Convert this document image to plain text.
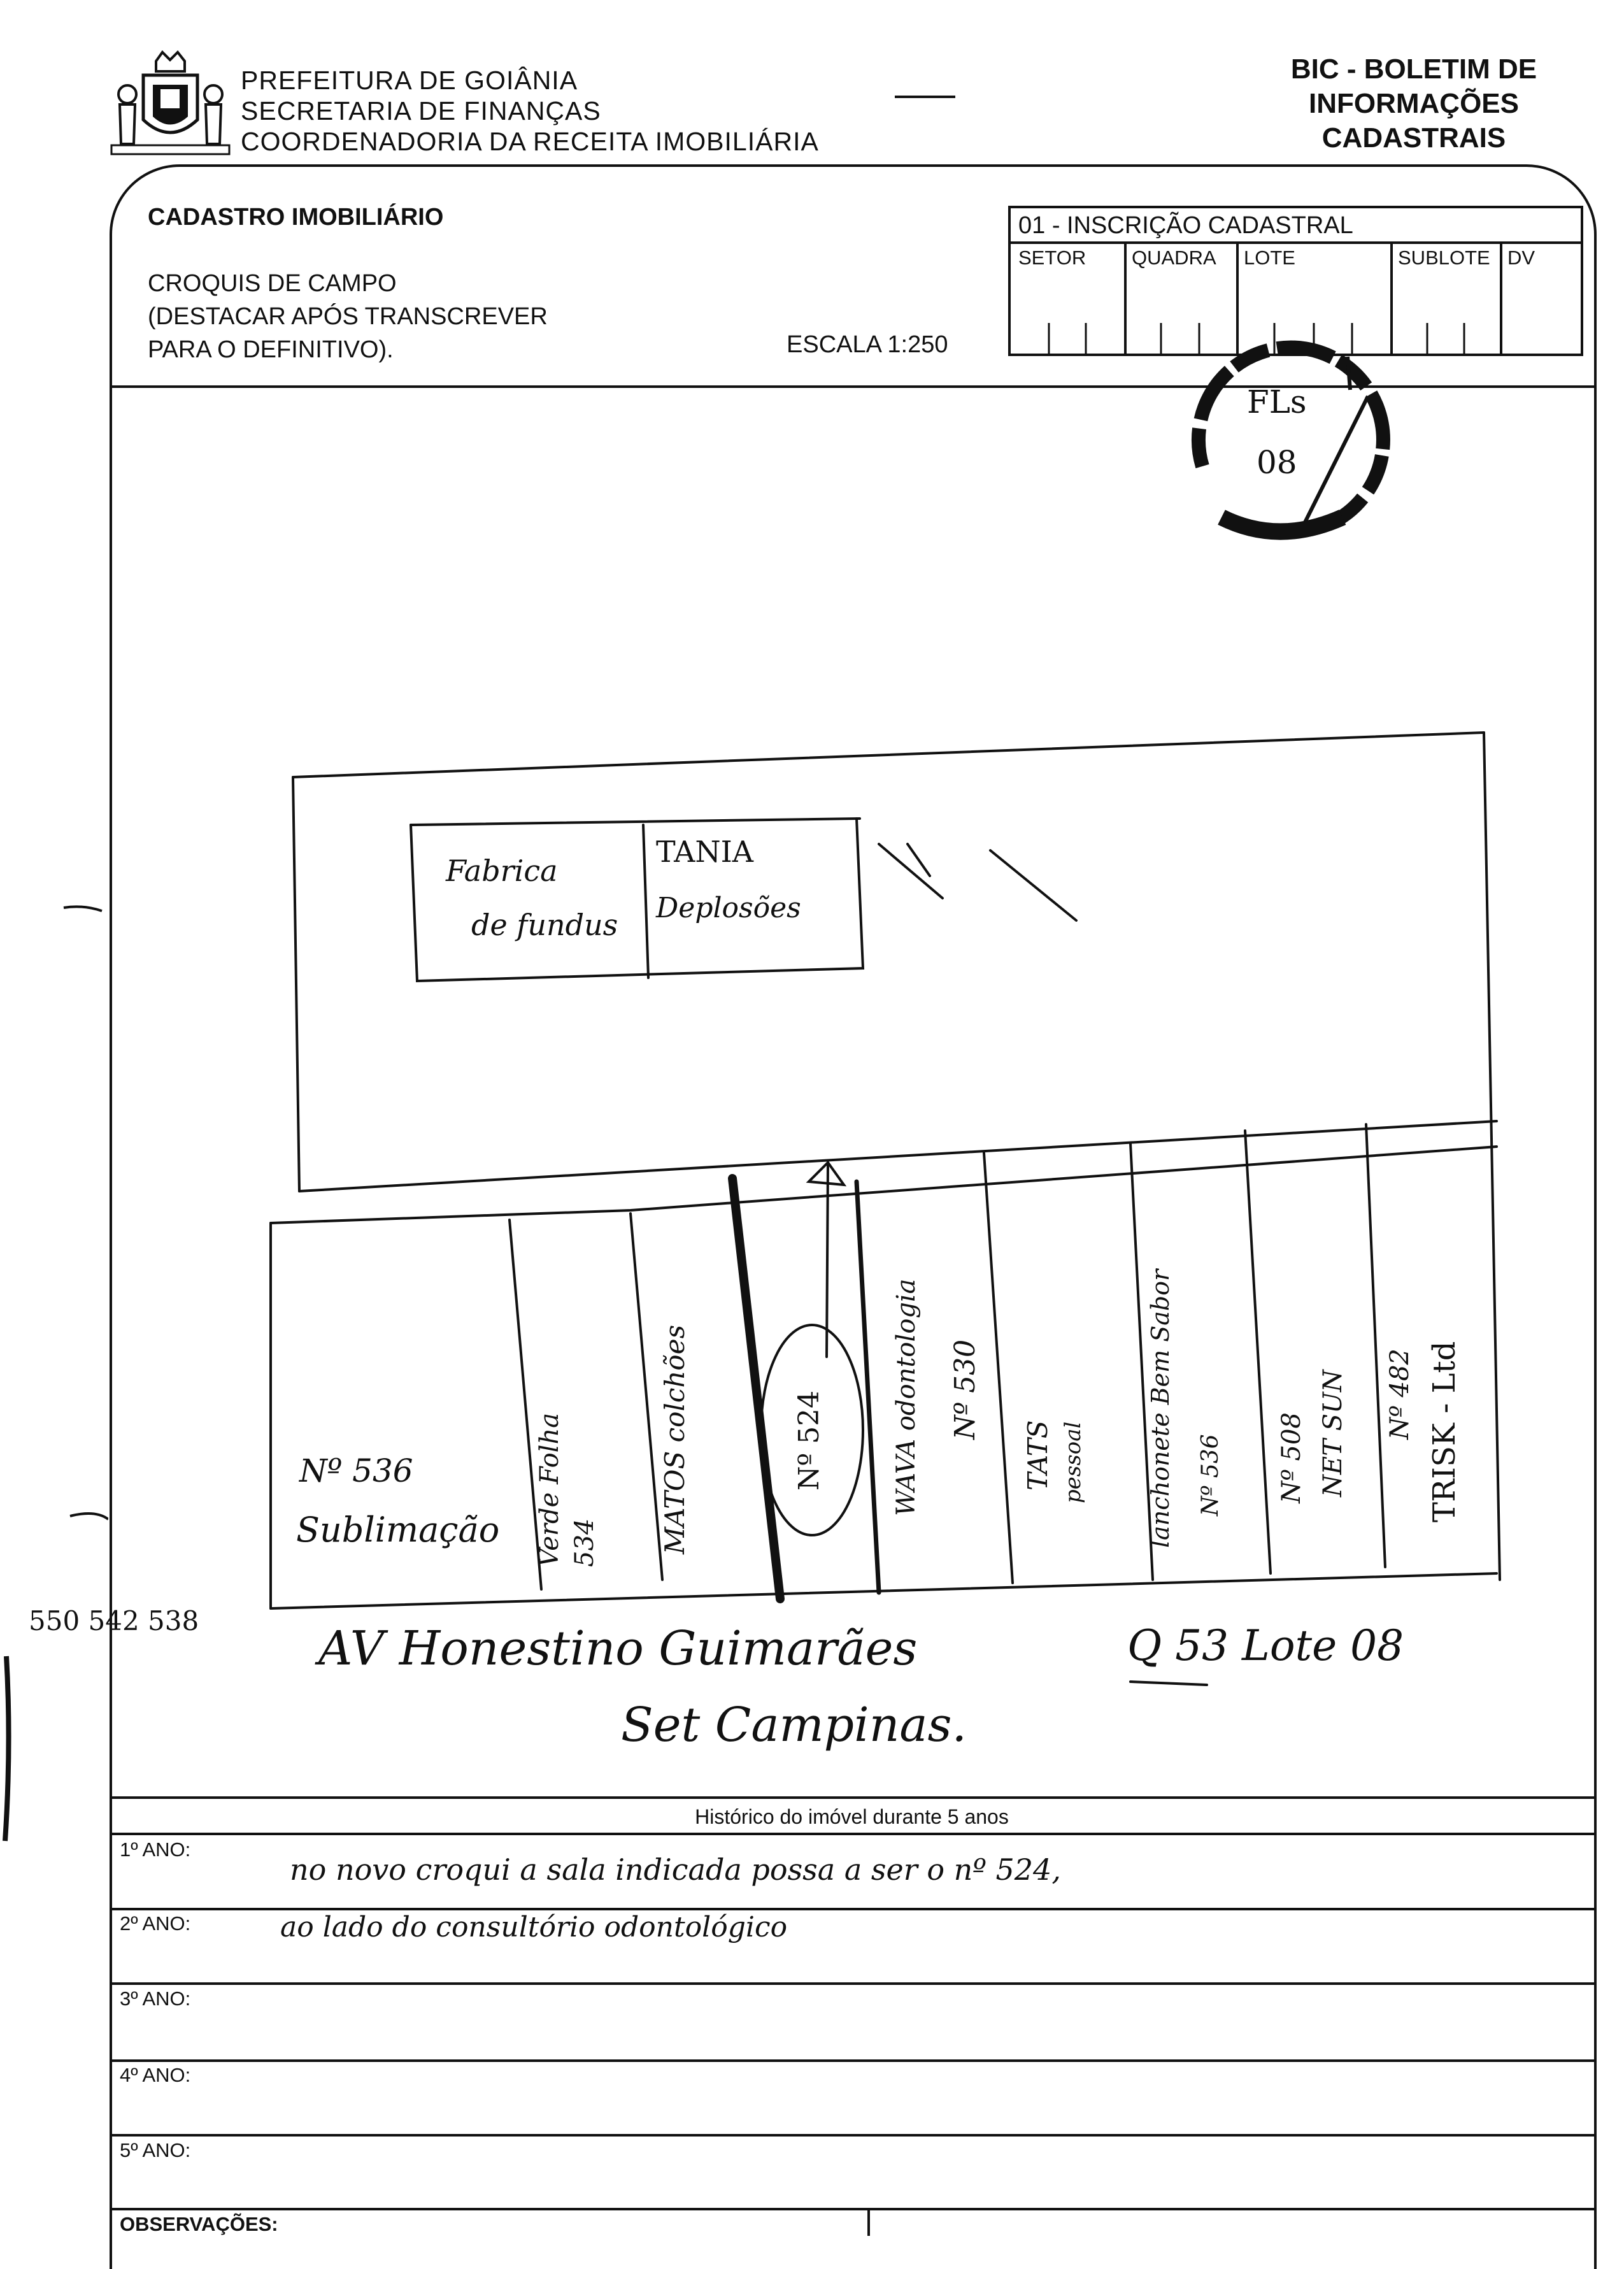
PREFEITURA DE GOIÂNIA
SECRETARIA DE FINANÇAS
COORDENADORIA DA RECEITA IMOBILIÁRIA
BIC - BOLETIM DE
INFORMAÇÕES CADASTRAIS
CADASTRO IMOBILIÁRIO
CROQUIS DE CAMPO
(DESTACAR APÓS TRANSCREVER
PARA O DEFINITIVO).	ESCALA 1:250
01 - INSCRIÇÃO CADASTRAL
SETOR QUADRA LOTE	SUBLOTE DV
FLs
08
Fabrica
de fundus
TANIA
Deplosões
Nº 536
Sublimação Verde Folha 534 MATOS colchões	Nº 524	WAVA odontologia Nº 530
TATS pessoal	lanchonete Bem Sabor Nº 536 Nº 508 NET SUN Nº 482 TRISK - Ltd
550 542 538
AV Honestino Guimarães	Q 53 Lote 08
Set Campinas.
Histórico do imóvel durante 5 anos
1º ANO:
no novo croqui a sala indicada possa a ser o nº 524,
2º ANO:	ao lado do consultório odontológico
3º ANO:
4º ANO:
5º ANO:
OBSERVAÇÕES:
